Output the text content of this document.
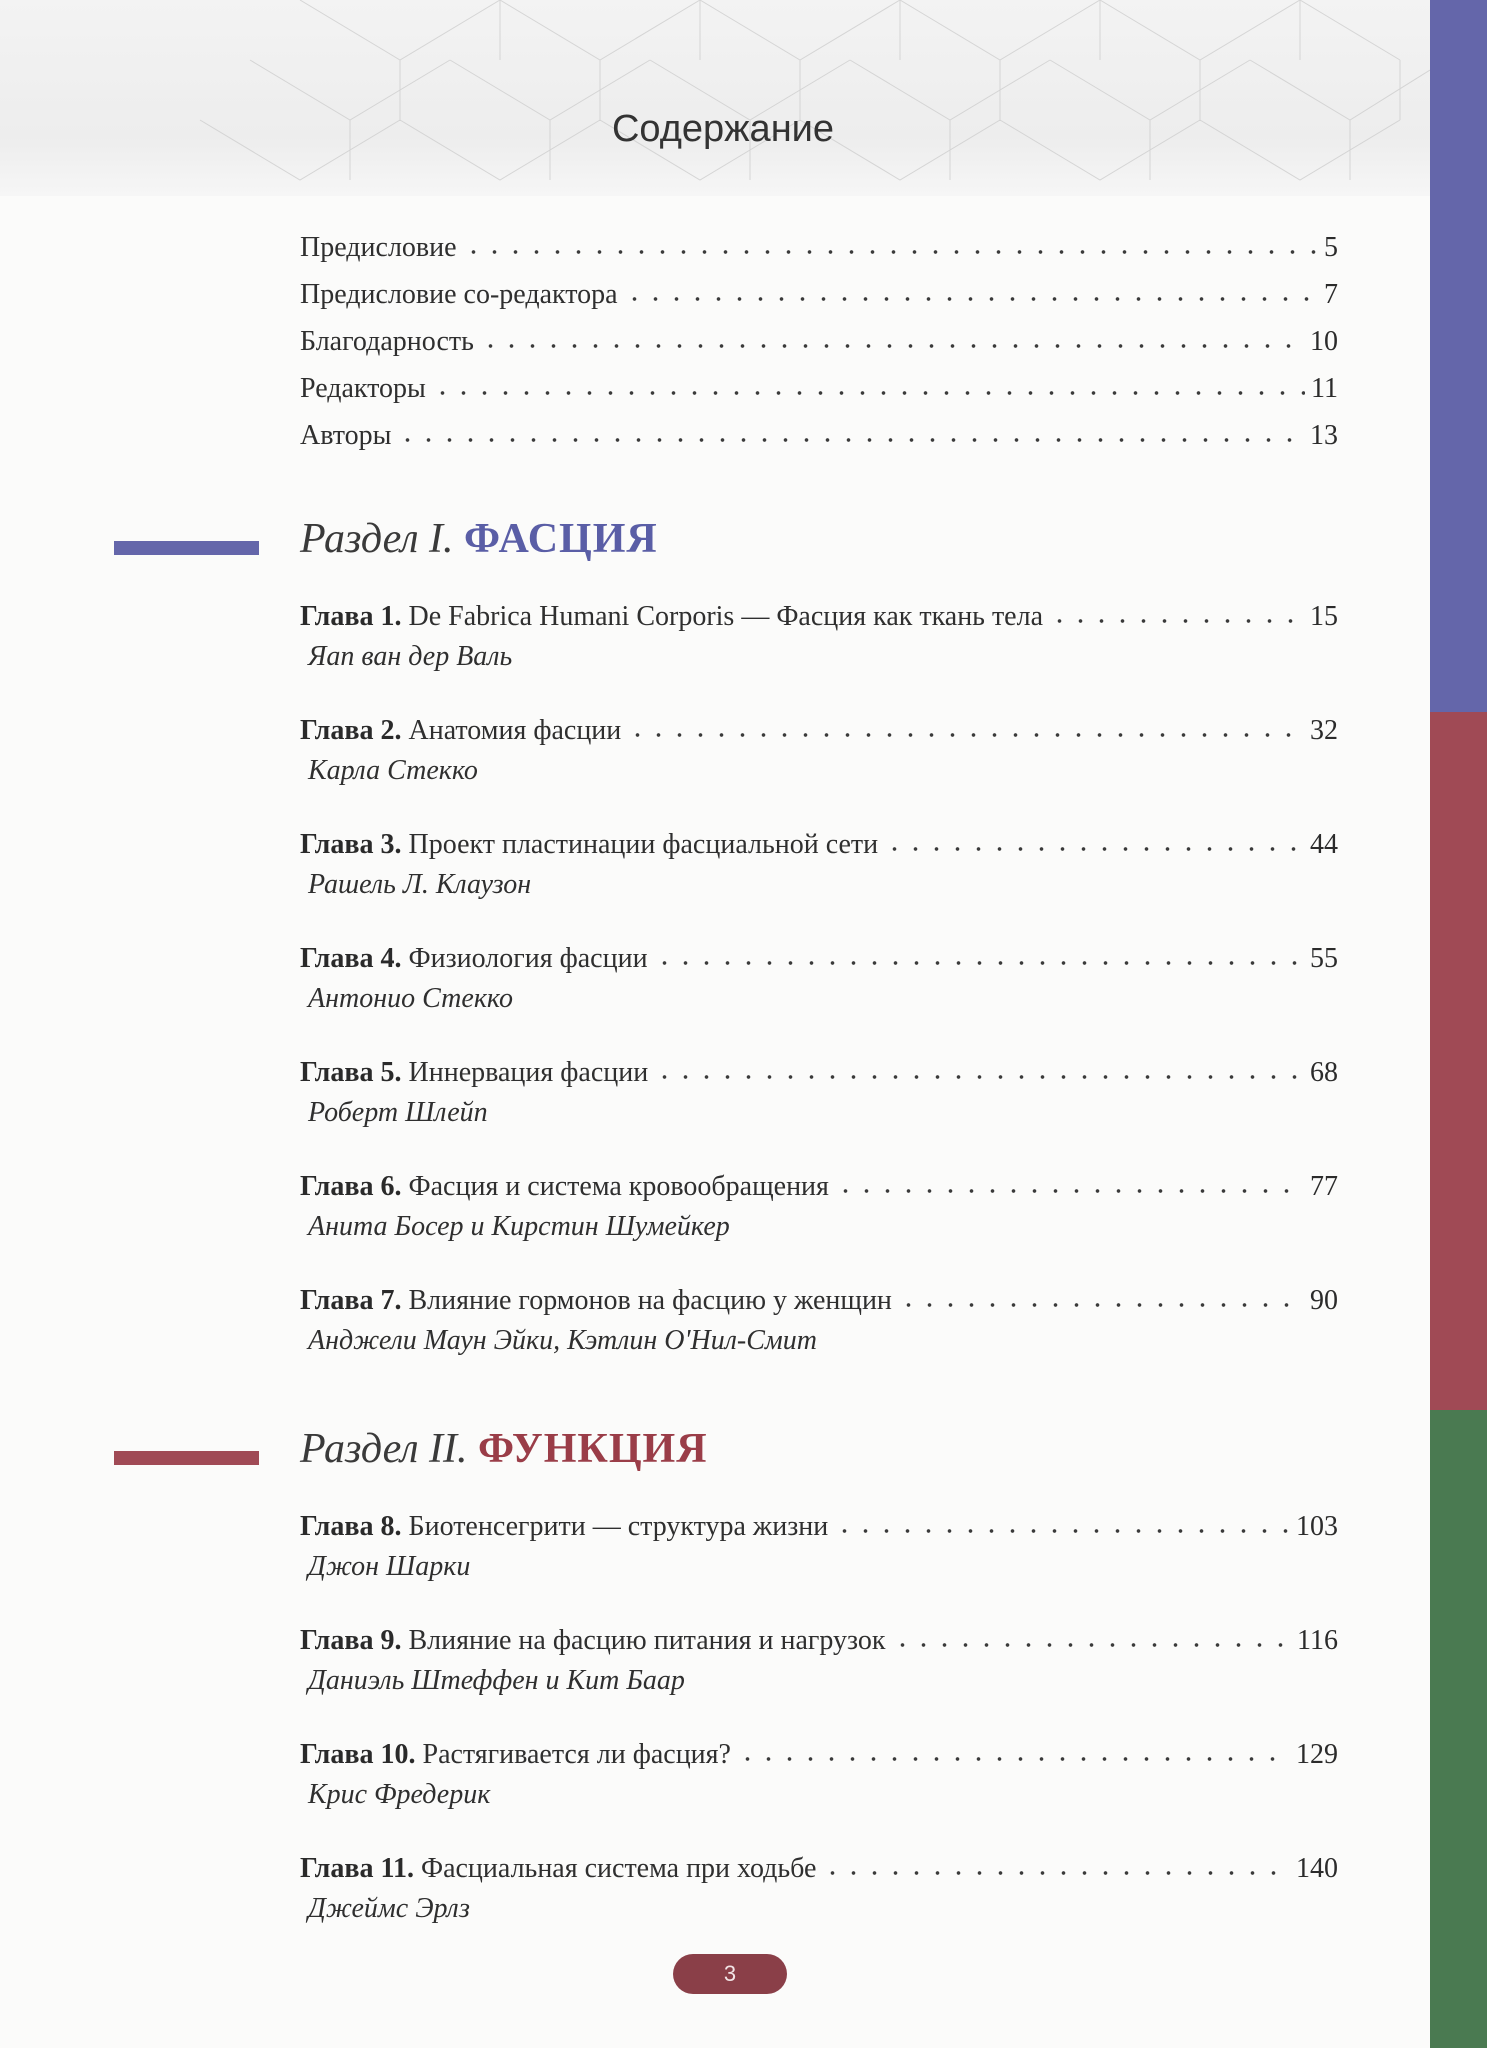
Содержание
Предисловие	5
Предисловие со-редактора	7
Благодарность	10
Редакторы	11
Авторы	13
Раздел I. ФАСЦИЯ
Глава 1. De Fabrica Humani Corporis — Фасция как ткань тела	15
Яап ван дер Валь
Глава 2. Анатомия фасции	32
Карла Стекко
Глава 3. Проект пластинации фасциальной сети	44
Рашель Л. Клаузон
Глава 4. Физиология фасции	55
Антонио Стекко
Глава 5. Иннервация фасции	68
Роберт Шлейп
Глава 6. Фасция и система кровообращения	77
Анита Босер и Кирстин Шумейкер
Глава 7. Влияние гормонов на фасцию у женщин	90
Анджели Маун Эйки, Кэтлин О'Нил-Смит
Раздел II. ФУНКЦИЯ
Глава 8. Биотенсегрити — структура жизни	103
Джон Шарки
Глава 9. Влияние на фасцию питания и нагрузок	116
Даниэль Штеффен и Кит Баар
Глава 10. Растягивается ли фасция?	129
Крис Фредерик
Глава 11. Фасциальная система при ходьбе	140
Джеймс Эрлз
3
